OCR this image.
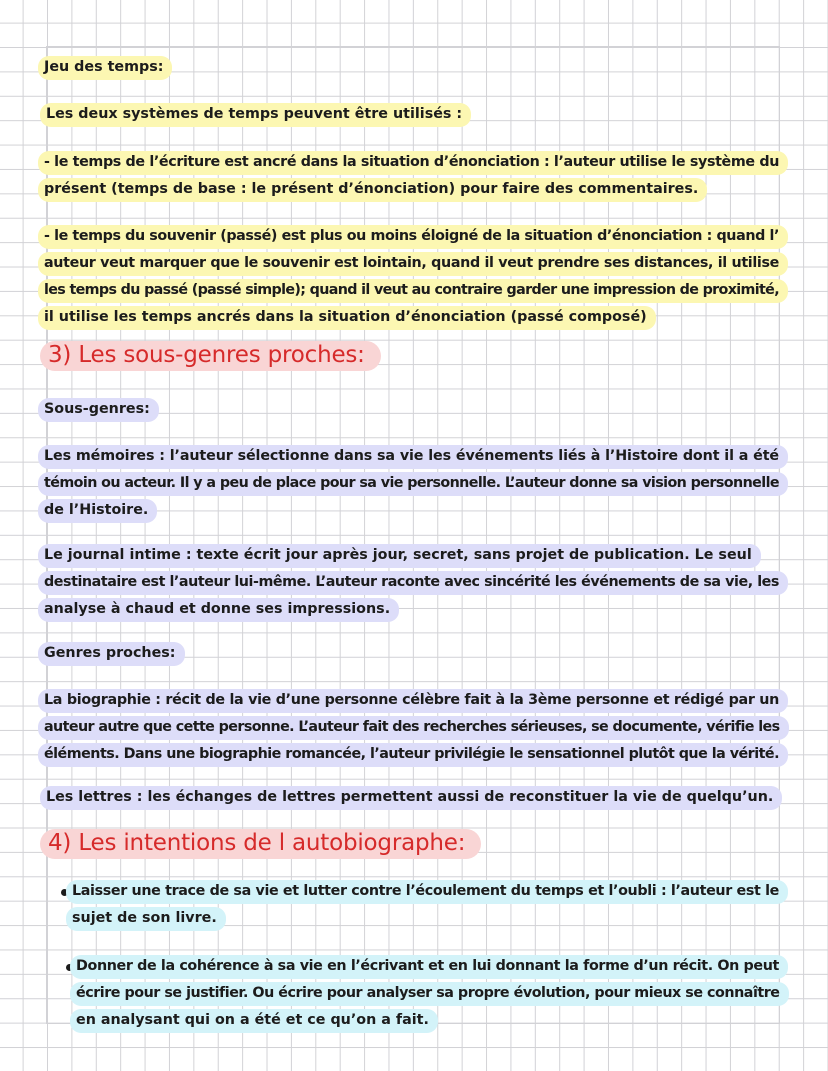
Jeu des temps:
Les deux systèmes de temps peuvent être utilisés :
- le temps de l’écriture est ancré dans la situation d’énonciation : l’auteur utilise le système du
présent (temps de base : le présent d’énonciation) pour faire des commentaires.
- le temps du souvenir (passé) est plus ou moins éloigné de la situation d’énonciation : quand l’
auteur veut marquer que le souvenir est lointain, quand il veut prendre ses distances, il utilise
les temps du passé (passé simple); quand il veut au contraire garder une impression de proximité,
il utilise les temps ancrés dans la situation d’énonciation (passé composé)
3) Les sous-genres proches:
Sous-genres:
Les mémoires : l’auteur sélectionne dans sa vie les événements liés à l’Histoire dont il a été
témoin ou acteur. Il y a peu de place pour sa vie personnelle. L’auteur donne sa vision personnelle
de l’Histoire.
Le journal intime : texte écrit jour après jour, secret, sans projet de publication. Le seul
destinataire est l’auteur lui-même. L’auteur raconte avec sincérité les événements de sa vie, les
analyse à chaud et donne ses impressions.
Genres proches:
La biographie : récit de la vie d’une personne célèbre fait à la 3ème personne et rédigé par un
auteur autre que cette personne. L’auteur fait des recherches sérieuses, se documente, vérifie les
éléments. Dans une biographie romancée, l’auteur privilégie le sensationnel plutôt que la vérité.
Les lettres : les échanges de lettres permettent aussi de reconstituer la vie de quelqu’un.
4) Les intentions de l autobiographe:
Laisser une trace de sa vie et lutter contre l’écoulement du temps et l’oubli : l’auteur est le
sujet de son livre.
Donner de la cohérence à sa vie en l’écrivant et en lui donnant la forme d’un récit. On peut
écrire pour se justifier. Ou écrire pour analyser sa propre évolution, pour mieux se connaître
en analysant qui on a été et ce qu’on a fait.
